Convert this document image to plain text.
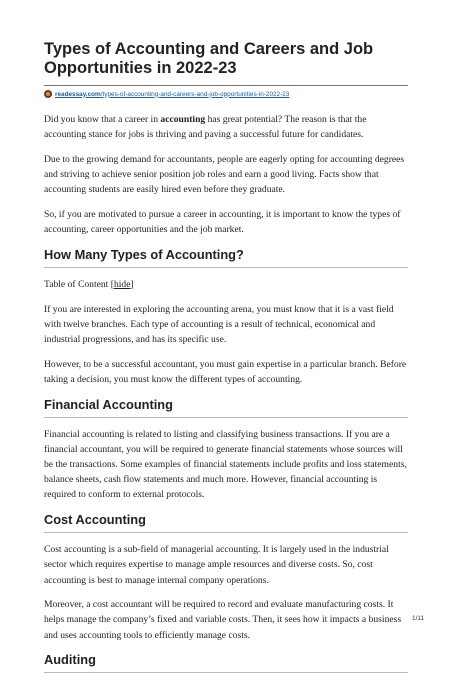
Types of Accounting and Careers and Job Opportunities in 2022-23
readessay.com /types-of-accounting-and-careers-and-job-opportunities-in-2022-23

Did you know that a career in accounting has great potential? The reason is that the accounting stance for jobs is thriving and paving a successful future for candidates.

Due to the growing demand for accountants, people are eagerly opting for accounting degrees and striving to achieve senior position job roles and earn a good living. Facts show that accounting students are easily hired even before they graduate.

So, if you are motivated to pursue a career in accounting, it is important to know the types of accounting, career opportunities and the job market.

How Many Types of Accounting?

Table of Content [hide]

If you are interested in exploring the accounting arena, you must know that it is a vast field with twelve branches. Each type of accounting is a result of technical, economical and industrial progressions, and has its specific use.

However, to be a successful accountant, you must gain expertise in a particular branch. Before taking a decision, you must know the different types of accounting.

Financial Accounting

Financial accounting is related to listing and classifying business transactions. If you are a financial accountant, you will be required to generate financial statements whose sources will be the transactions. Some examples of financial statements include profits and loss statements, balance sheets, cash flow statements and much more. However, financial accounting is required to conform to external protocols.

Cost Accounting

Cost accounting is a sub-field of managerial accounting. It is largely used in the industrial sector which requires expertise to manage ample resources and diverse costs. So, cost accounting is best to manage internal company operations.

Moreover, a cost accountant will be required to record and evaluate manufacturing costs. It helps manage the company’s fixed and variable costs. Then, it sees how it impacts a business and uses accounting tools to efficiently manage costs.

Auditing
1/11
